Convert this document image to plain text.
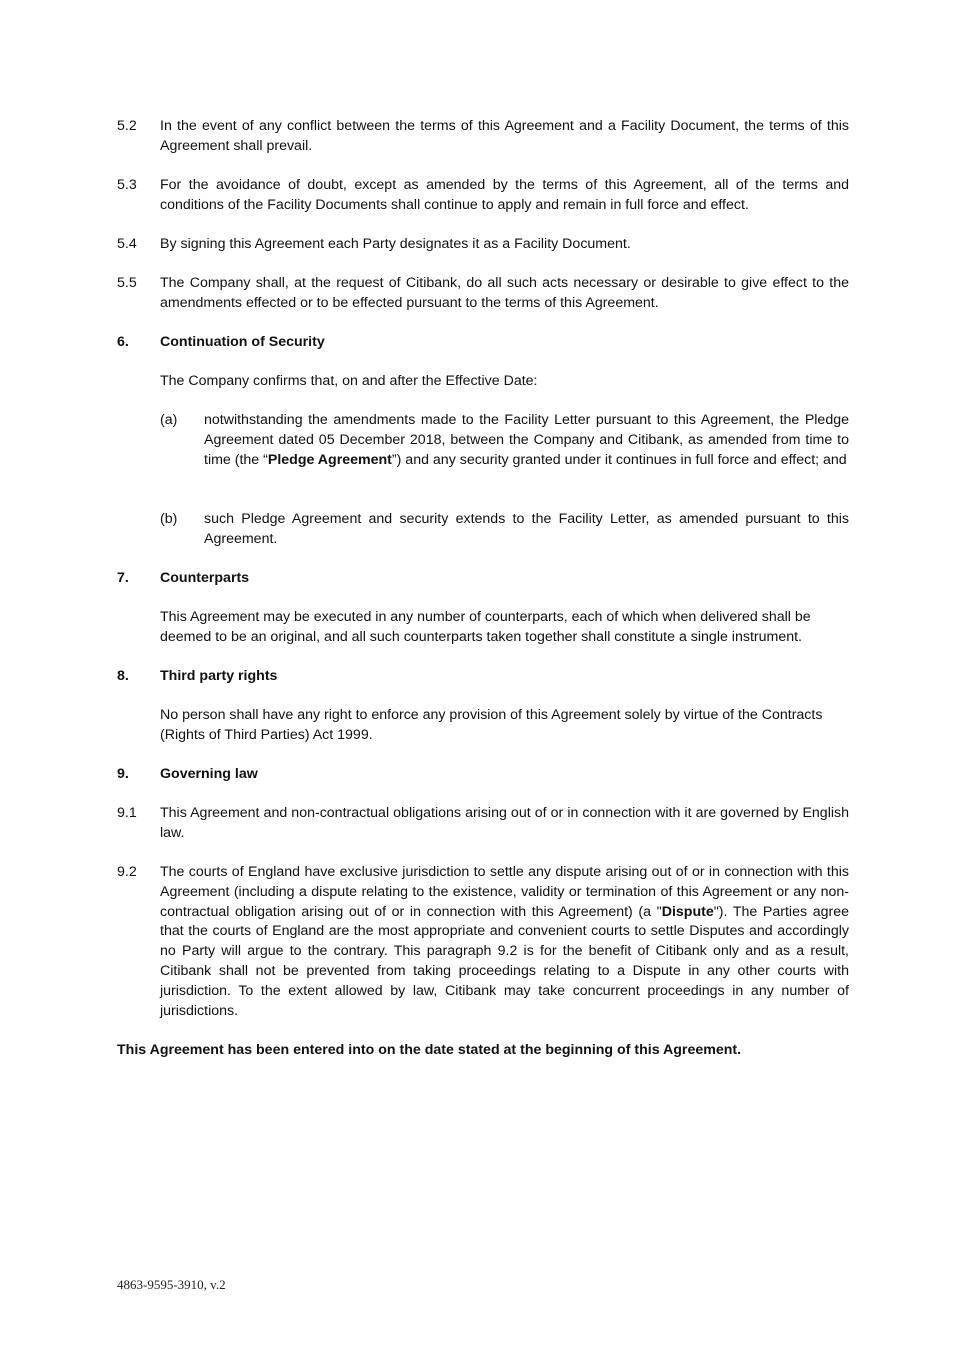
5.2 In the event of any conflict between the terms of this Agreement and a Facility Document, the terms of this Agreement shall prevail.
5.3 For the avoidance of doubt, except as amended by the terms of this Agreement, all of the terms and conditions of the Facility Documents shall continue to apply and remain in full force and effect.
5.4 By signing this Agreement each Party designates it as a Facility Document.
5.5 The Company shall, at the request of Citibank, do all such acts necessary or desirable to give effect to the amendments effected or to be effected pursuant to the terms of this Agreement.
6. Continuation of Security
The Company confirms that, on and after the Effective Date:
(a) notwithstanding the amendments made to the Facility Letter pursuant to this Agreement, the Pledge Agreement dated 05 December 2018, between the Company and Citibank, as amended from time to time (the “Pledge Agreement”) and any security granted under it continues in full force and effect; and
(b) such Pledge Agreement and security extends to the Facility Letter, as amended pursuant to this Agreement.
7. Counterparts
This Agreement may be executed in any number of counterparts, each of which when delivered shall be deemed to be an original, and all such counterparts taken together shall constitute a single instrument.
8. Third party rights
No person shall have any right to enforce any provision of this Agreement solely by virtue of the Contracts (Rights of Third Parties) Act 1999.
9. Governing law
9.1 This Agreement and non-contractual obligations arising out of or in connection with it are governed by English law.
9.2 The courts of England have exclusive jurisdiction to settle any dispute arising out of or in connection with this Agreement (including a dispute relating to the existence, validity or termination of this Agreement or any non-contractual obligation arising out of or in connection with this Agreement) (a "Dispute"). The Parties agree that the courts of England are the most appropriate and convenient courts to settle Disputes and accordingly no Party will argue to the contrary. This paragraph 9.2 is for the benefit of Citibank only and as a result, Citibank shall not be prevented from taking proceedings relating to a Dispute in any other courts with jurisdiction. To the extent allowed by law, Citibank may take concurrent proceedings in any number of jurisdictions.
This Agreement has been entered into on the date stated at the beginning of this Agreement.
4863-9595-3910, v.2
